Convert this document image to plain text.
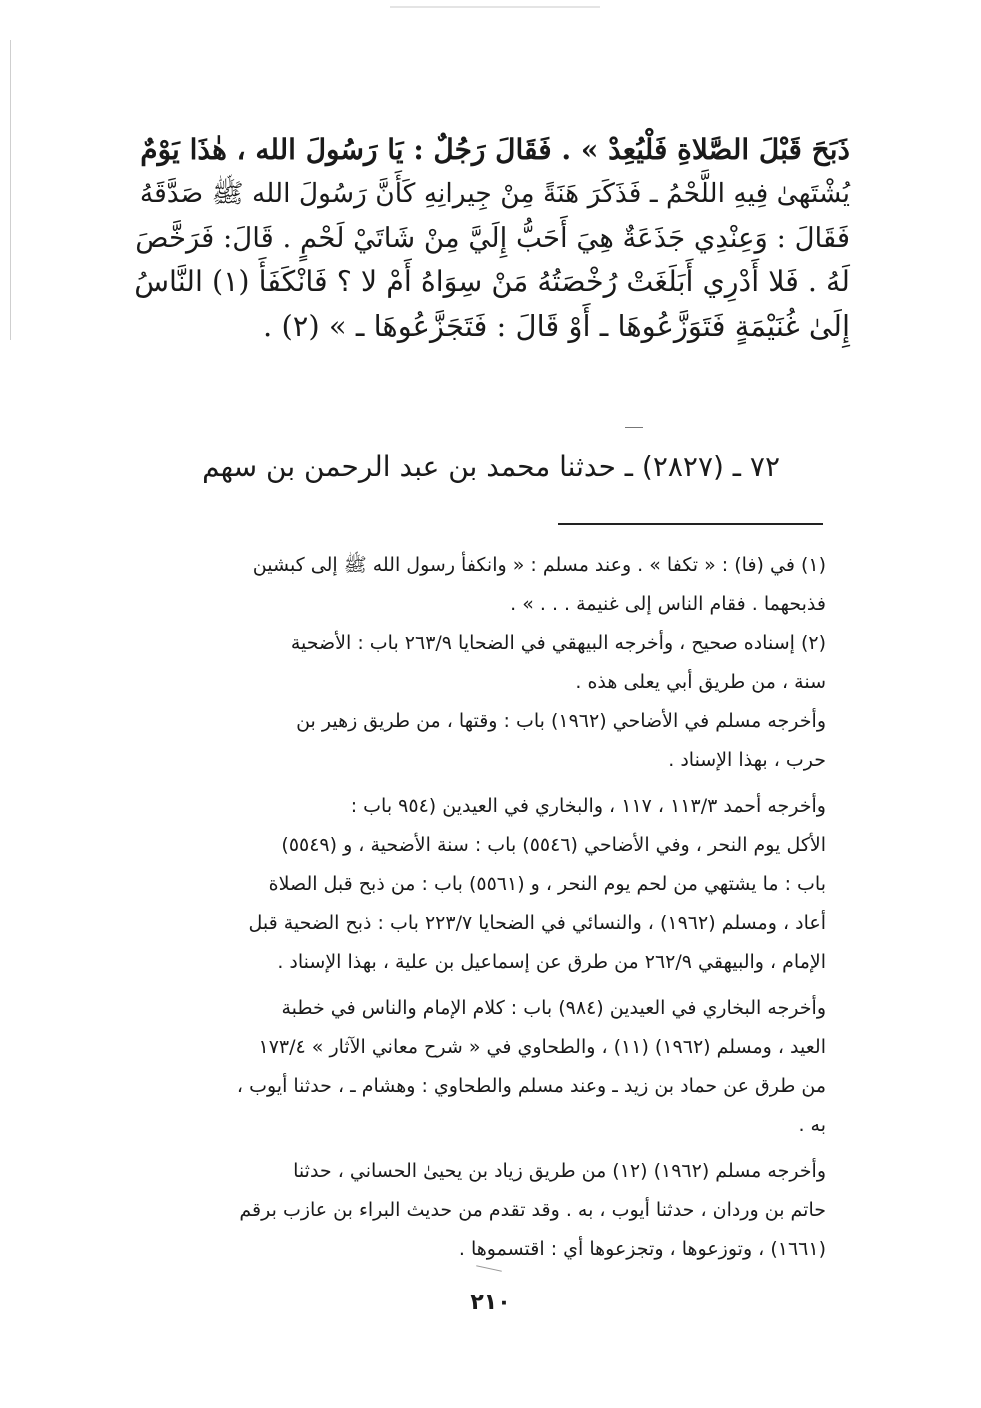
ذَبَحَ قَبْلَ الصَّلاةِ فَلْيُعِدْ » . فَقَالَ رَجُلٌ : يَا رَسُولَ الله ، هٰذَا يَوْمٌ

يُشْتَهىٰ فِيهِ اللَّحْمُ ـ فَذَكَرَ هَنَةً مِنْ جِيرانِهِ كَأَنَّ رَسُولَ الله ﷺ صَدَّقَهُ

فَقَالَ : وَعِنْدِي جَذَعَةٌ هِيَ أَحَبُّ إِلَيَّ مِنْ شَاتَيْ لَحْمٍ . قَالَ: فَرَخَّصَ

لَهُ . فَلا أَدْرِي أَبَلَغَتْ رُخْصَتُهُ مَنْ سِوَاهُ أَمْ لا ؟ فَانْكَفَأَ (١) النَّاسُ

إِلَىٰ غُنَيْمَةٍ فَتَوَزَّعُوهَا ـ أَوْ قَالَ : فَتَجَزَّعُوهَا ـ » (٢) .

٧٢ ـ (٢٨٢٧) ـ حدثنا محمد بن عبد الرحمن بن سهم

(١) في (فا) : « تكفا » . وعند مسلم : « وانكفأ رسول الله ﷺ إلى كبشين

فذبحهما . فقام الناس إلى غنيمة . . . » .

(٢) إسناده صحيح ، وأخرجه البيهقي في الضحايا ٢٦٣/٩ باب : الأضحية

سنة ، من طريق أبي يعلى هذه .

وأخرجه مسلم في الأضاحي (١٩٦٢) باب : وقتها ، من طريق زهير بن

حرب ، بهذا الإسناد .

وأخرجه أحمد ١١٣/٣ ، ١١٧ ، والبخاري في العيدين (٩٥٤ باب :

الأكل يوم النحر ، وفي الأضاحي (٥٥٤٦) باب : سنة الأضحية ، و (٥٥٤٩)

باب : ما يشتهي من لحم يوم النحر ، و (٥٥٦١) باب : من ذبح قبل الصلاة

أعاد ، ومسلم (١٩٦٢) ، والنسائي في الضحايا ٢٢٣/٧ باب : ذبح الضحية قبل

الإمام ، والبيهقي ٢٦٢/٩ من طرق عن إسماعيل بن علية ، بهذا الإسناد .

وأخرجه البخاري في العيدين (٩٨٤) باب : كلام الإمام والناس في خطبة

العيد ، ومسلم (١٩٦٢) (١١) ، والطحاوي في « شرح معاني الآثار » ١٧٣/٤

من طرق عن حماد بن زيد ـ وعند مسلم والطحاوي : وهشام ـ ، حدثنا أيوب ،

به .

وأخرجه مسلم (١٩٦٢) (١٢) من طريق زياد بن يحيىٰ الحساني ، حدثنا

حاتم بن وردان ، حدثنا أيوب ، به . وقد تقدم من حديث البراء بن عازب برقم

(١٦٦١) ، وتوزعوها ، وتجزعوها أي : اقتسموها .

٢١٠
